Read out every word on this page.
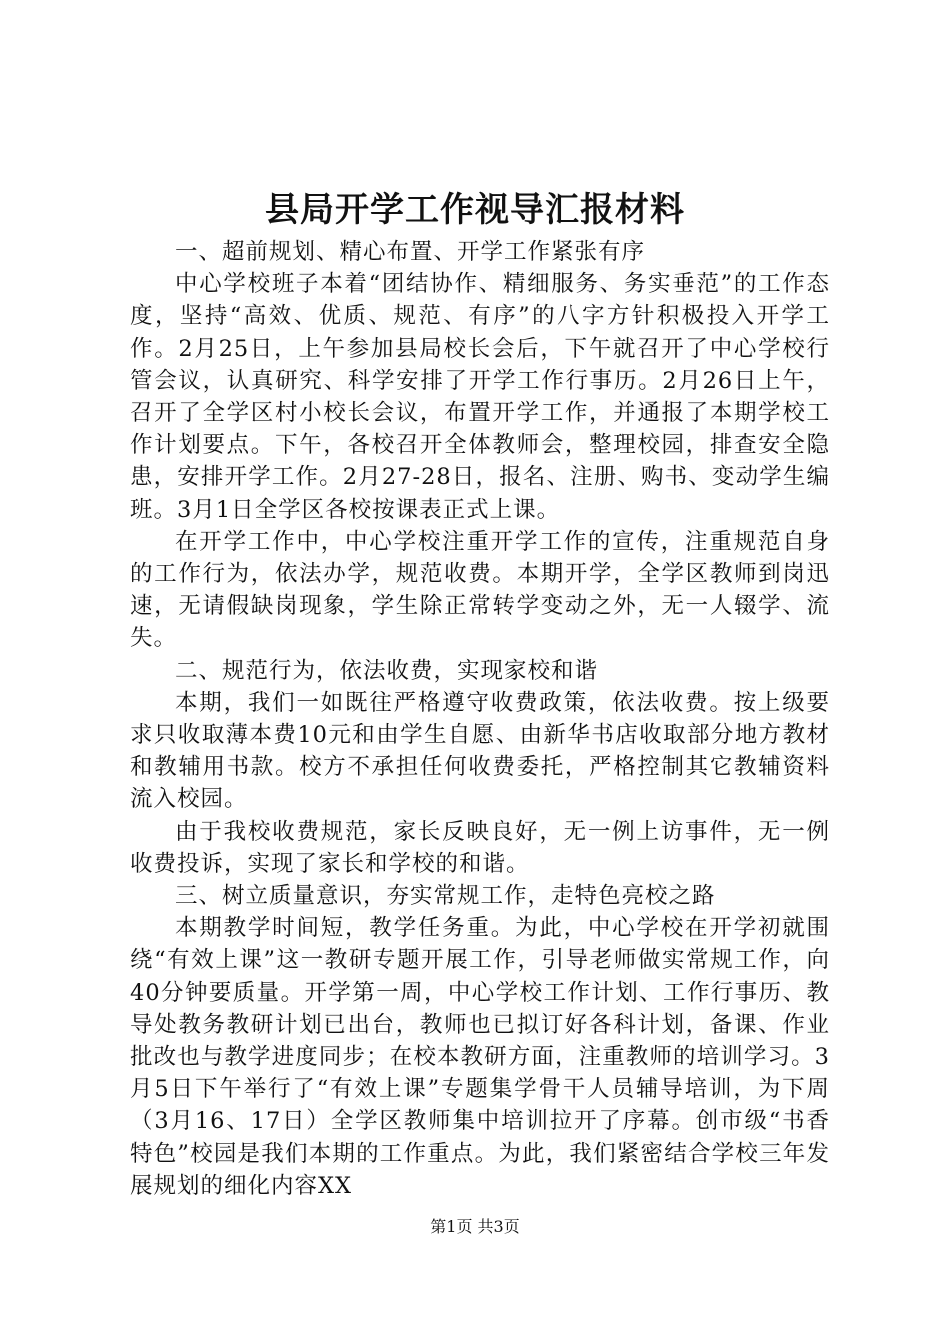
县局开学工作视导汇报材料

一、超前规划、精心布置、开学工作紧张有序

中心学校班子本着“团结协作、精细服务、务实垂范”的工作态度，坚持“高效、优质、规范、有序”的八字方针积极投入开学工作。2月25日，上午参加县局校长会后，下午就召开了中心学校行管会议，认真研究、科学安排了开学工作行事历。2月26日上午，召开了全学区村小校长会议，布置开学工作，并通报了本期学校工作计划要点。下午，各校召开全体教师会，整理校园，排查安全隐患，安排开学工作。2月27-28日，报名、注册、购书、变动学生编班。3月1日全学区各校按课表正式上课。

在开学工作中，中心学校注重开学工作的宣传，注重规范自身的工作行为，依法办学，规范收费。本期开学，全学区教师到岗迅速，无请假缺岗现象，学生除正常转学变动之外，无一人辍学、流失。

二、规范行为，依法收费，实现家校和谐

本期，我们一如既往严格遵守收费政策，依法收费。按上级要求只收取薄本费10元和由学生自愿、由新华书店收取部分地方教材和教辅用书款。校方不承担任何收费委托，严格控制其它教辅资料流入校园。

由于我校收费规范，家长反映良好，无一例上访事件，无一例收费投诉，实现了家长和学校的和谐。

三、树立质量意识，夯实常规工作，走特色亮校之路

本期教学时间短，教学任务重。为此，中心学校在开学初就围绕“有效上课”这一教研专题开展工作，引导老师做实常规工作，向40分钟要质量。开学第一周，中心学校工作计划、工作行事历、教导处教务教研计划已出台，教师也已拟订好各科计划，备课、作业批改也与教学进度同步；在校本教研方面，注重教师的培训学习。3月5日下午举行了“有效上课”专题集学骨干人员辅导培训，为下周（3月16、17日）全学区教师集中培训拉开了序幕。创市级“书香特色”校园是我们本期的工作重点。为此，我们紧密结合学校三年发展规划的细化内容XX

第1页 共3页
